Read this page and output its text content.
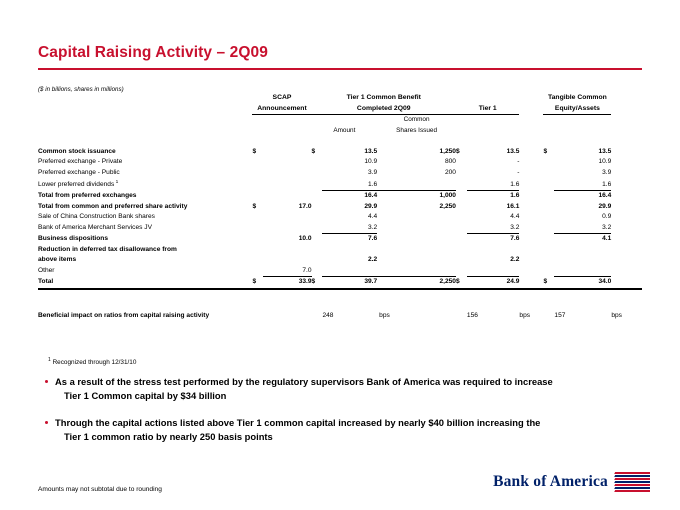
Capital Raising Activity – 2Q09
($ in billions, shares in millions)
	SCAP		Tier 1 Common Benefit						Tangible Common		
	Announcement		Completed 2Q09			Tier 1			Equity/Assets		
					Common						
			Amount		Shares Issued						

Common stock issuance	$		$	13.5	1,250	$	13.5		$	13.5	
Preferred exchange - Private				10.9	800		-			10.9	
Preferred exchange - Public				3.9	200		-			3.9	
Lower preferred dividends $^1$				1.6			1.6			1.6	
Total from preferred exchanges				16.4	1,000		1.6			16.4	
Total from common and preferred share activity	$	17.0		29.9	2,250		16.1			29.9	
Sale of China Construction Bank shares				4.4			4.4			0.9	
Bank of America Merchant Services JV				3.2			3.2			3.2	
Business dispositions		10.0		7.6			7.6			4.1	
Reduction in deferred tax disallowance from											
above items				2.2			2.2				
Other		7.0									
Total	$	33.9	$	39.7	2,250	$	24.9		$	34.0	

Beneficial impact on ratios from capital raising activity				248	bps		156	bps		157	bps
$^1$ Recognized through 12/31/10
As a result of the stress test performed by the regulatory supervisors Bank of America was required to increase
Tier 1 Common capital by $34 billion
Through the capital actions listed above Tier 1 common capital increased by nearly $40 billion increasing the
Tier 1 common ratio by nearly 250 basis points
Amounts may not subtotal due to rounding	Bank of America
